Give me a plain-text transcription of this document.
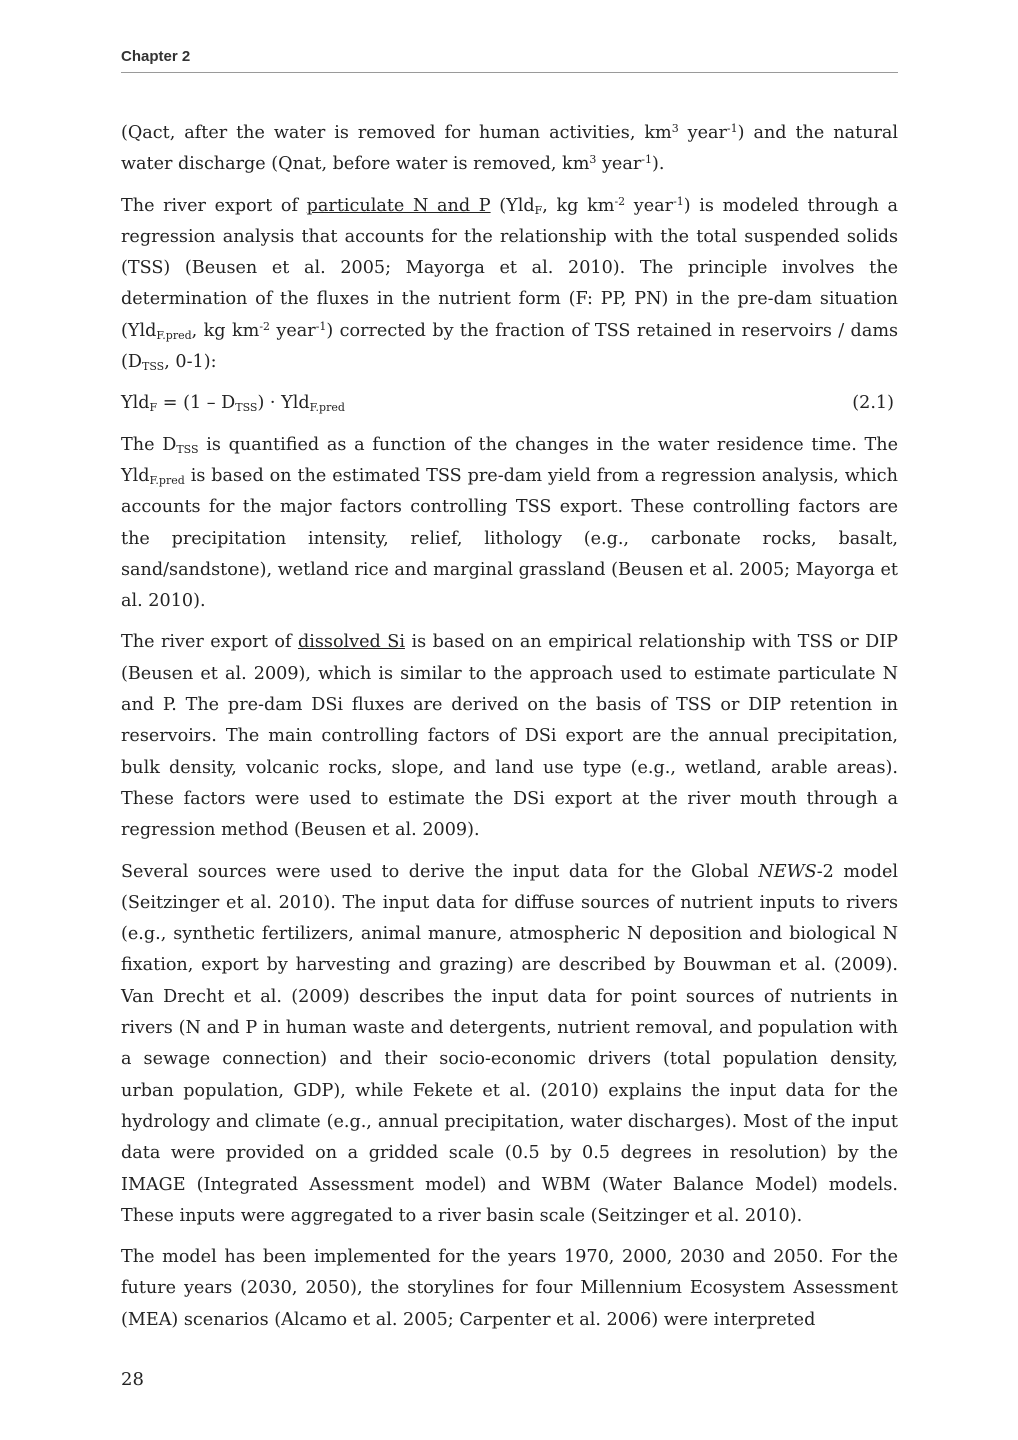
Chapter 2

(Qact, after the water is removed for human activities, $km^3$ year$^{-1}$) and the natural water discharge (Qnat, before water is removed, $km^3$ year$^{-1}$).

The river export of particulate N and P (Yld$_F$, kg $km^{-2}$ year$^{-1}$) is modeled through a regression analysis that accounts for the relationship with the total suspended solids (TSS) (Beusen et al. 2005; Mayorga et al. 2010). The principle involves the determination of the fluxes in the nutrient form (F: PP, PN) in the pre-dam situation (Yld$_{F.pred}$, kg $km^{-2}$ year$^{-1}$) corrected by the fraction of TSS retained in reservoirs / dams ($D_{TSS}$, 0-1):

$Yld_F = (1 - D_{TSS}) \cdot Yld_{F.pred}$	(2.1)

The $D_{TSS}$ is quantified as a function of the changes in the water residence time. The Yld$_{F.pred}$ is based on the estimated TSS pre-dam yield from a regression analysis, which accounts for the major factors controlling TSS export. These controlling factors are the precipitation intensity, relief, lithology (e.g., carbonate rocks, basalt, sand/sandstone), wetland rice and marginal grassland (Beusen et al. 2005; Mayorga et al. 2010).

The river export of dissolved Si is based on an empirical relationship with TSS or DIP (Beusen et al. 2009), which is similar to the approach used to estimate particulate N and P. The pre-dam DSi fluxes are derived on the basis of TSS or DIP retention in reservoirs. The main controlling factors of DSi export are the annual precipitation, bulk density, volcanic rocks, slope, and land use type (e.g., wetland, arable areas). These factors were used to estimate the DSi export at the river mouth through a regression method (Beusen et al. 2009).

Several sources were used to derive the input data for the Global NEWS-2 model (Seitzinger et al. 2010). The input data for diffuse sources of nutrient inputs to rivers (e.g., synthetic fertilizers, animal manure, atmospheric N deposition and biological N fixation, export by harvesting and grazing) are described by Bouwman et al. (2009). Van Drecht et al. (2009) describes the input data for point sources of nutrients in rivers (N and P in human waste and detergents, nutrient removal, and population with a sewage connection) and their socio-economic drivers (total population density, urban population, GDP), while Fekete et al. (2010) explains the input data for the hydrology and climate (e.g., annual precipitation, water discharges). Most of the input data were provided on a gridded scale (0.5 by 0.5 degrees in resolution) by the IMAGE (Integrated Assessment model) and WBM (Water Balance Model) models. These inputs were aggregated to a river basin scale (Seitzinger et al. 2010).

The model has been implemented for the years 1970, 2000, 2030 and 2050. For the future years (2030, 2050), the storylines for four Millennium Ecosystem Assessment (MEA) scenarios (Alcamo et al. 2005; Carpenter et al. 2006) were interpreted

28
